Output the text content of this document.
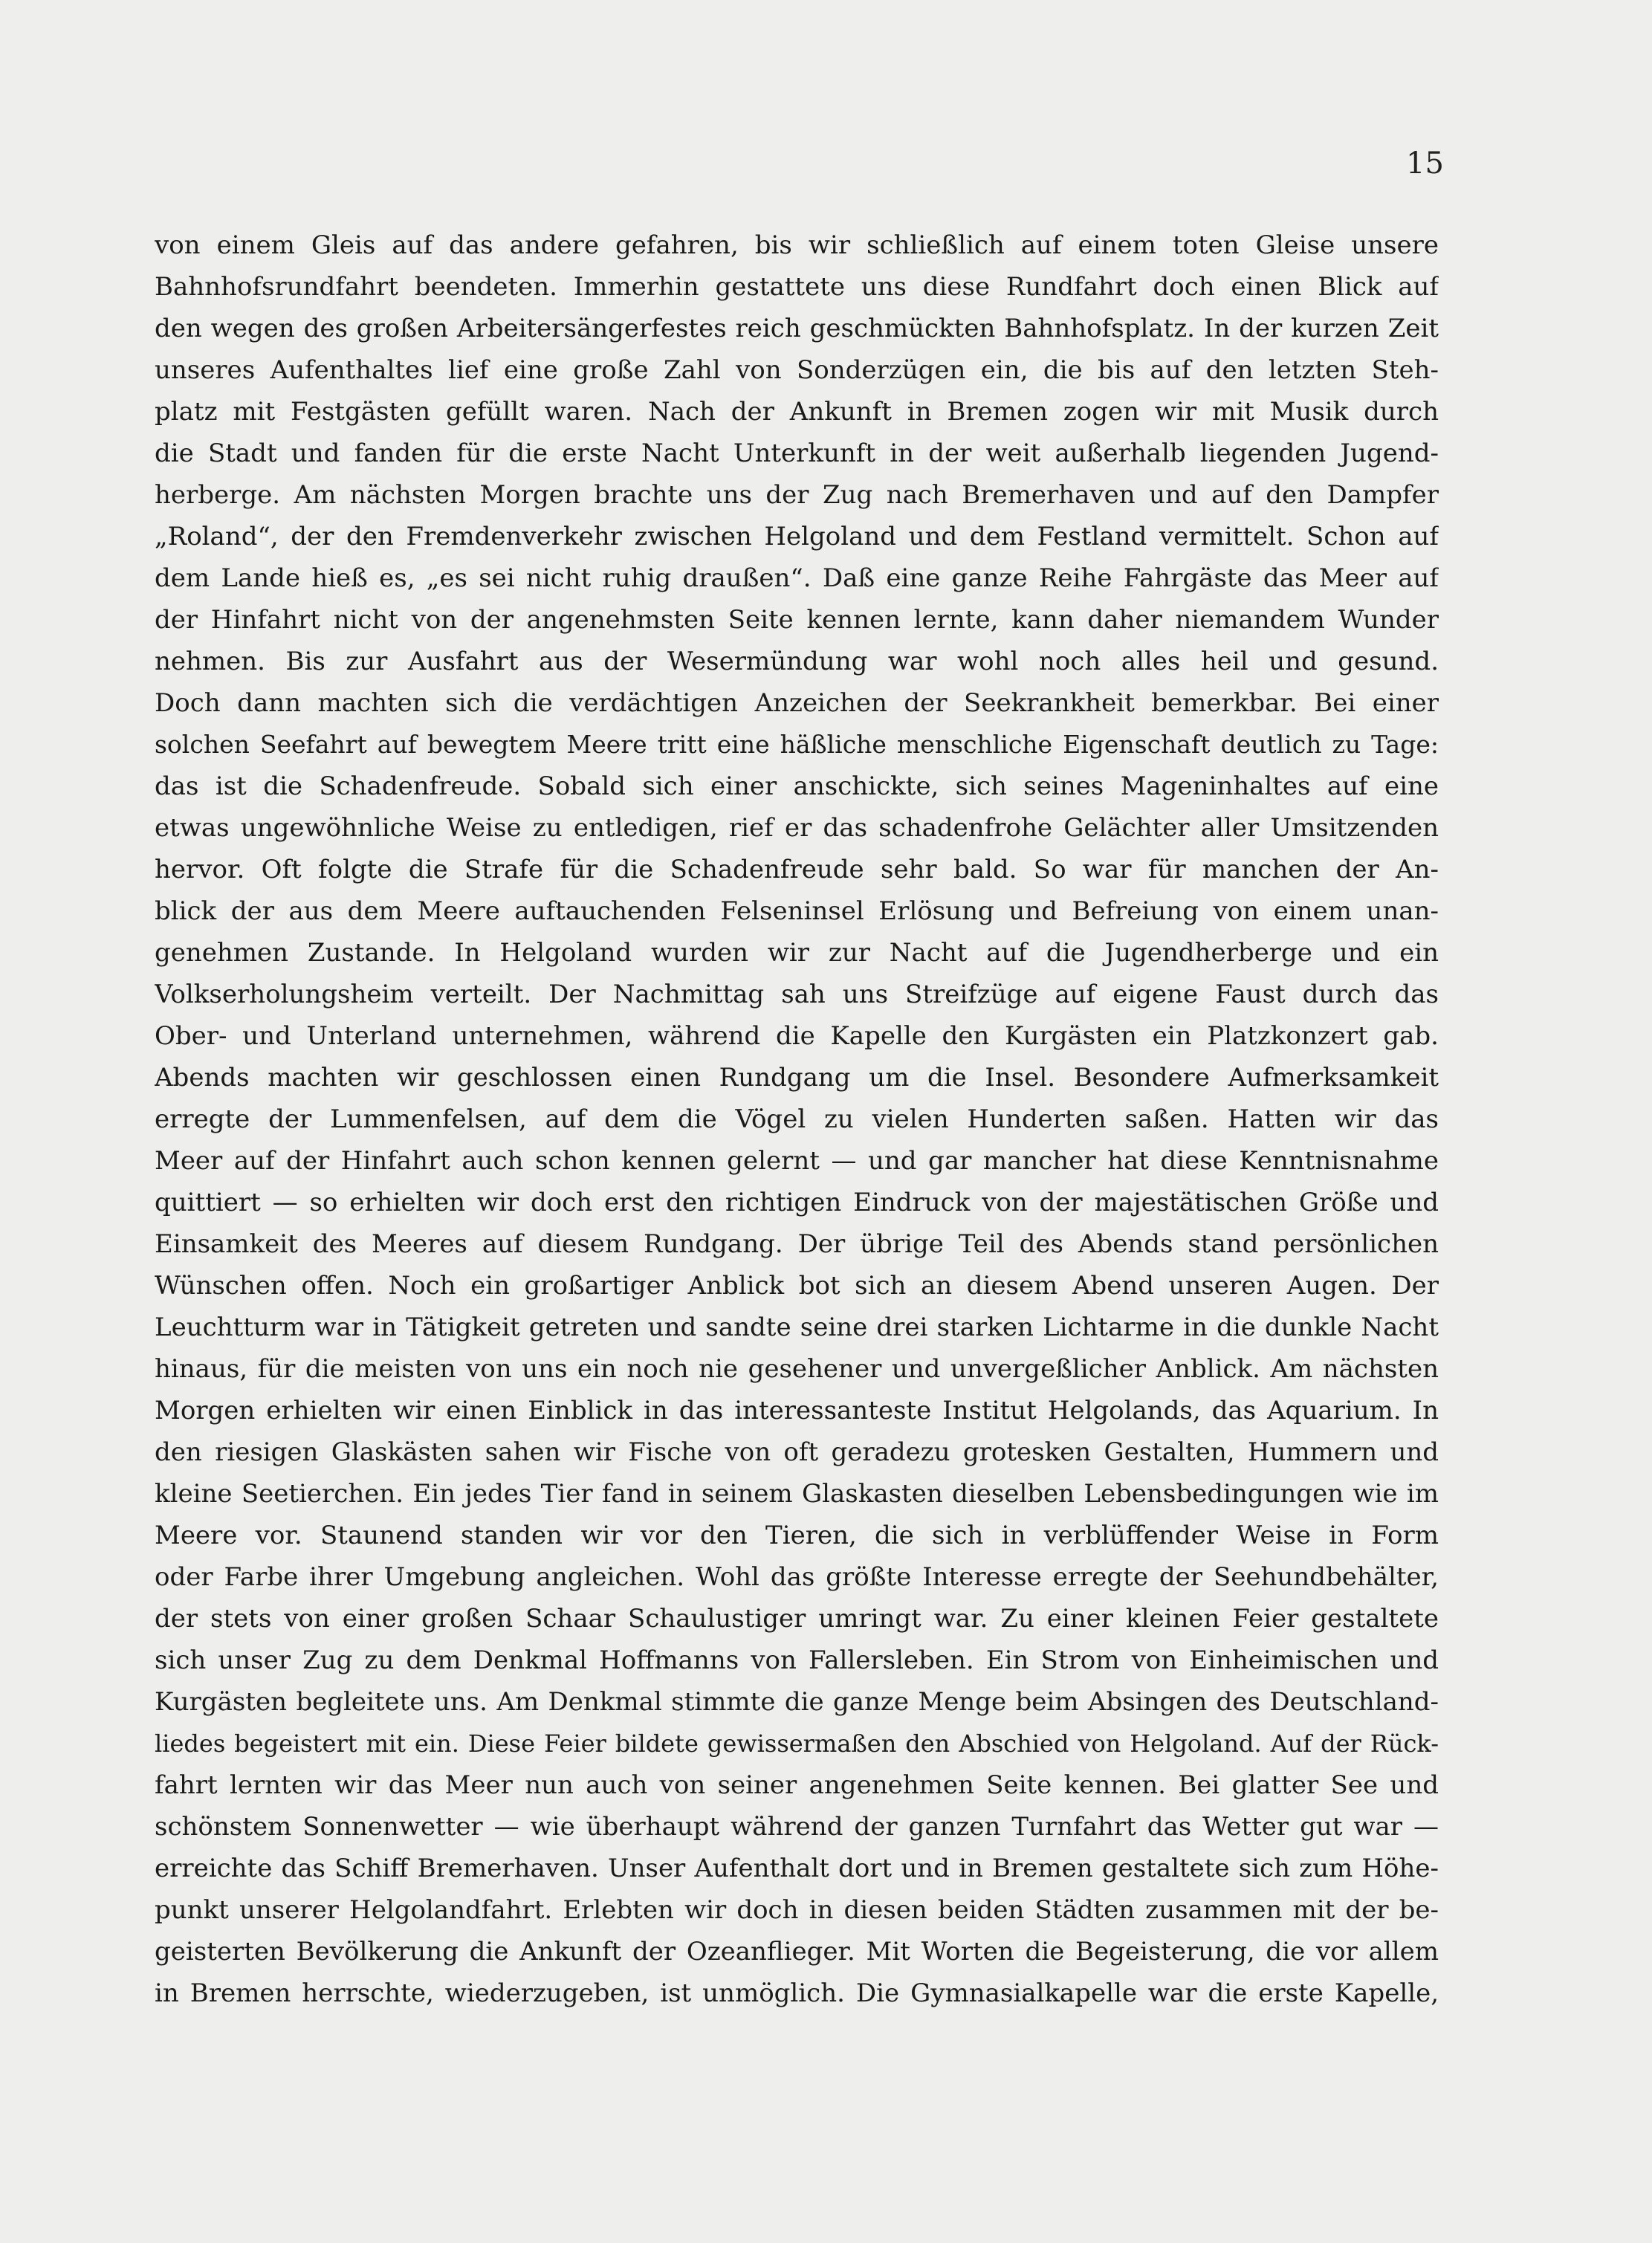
15
von einem Gleis auf das andere gefahren, bis wir schließlich auf einem toten Gleise unsere
Bahnhofsrundfahrt beendeten. Immerhin gestattete uns diese Rundfahrt doch einen Blick auf
den wegen des großen Arbeitersängerfestes reich geschmückten Bahnhofsplatz. In der kurzen Zeit
unseres Aufenthaltes lief eine große Zahl von Sonderzügen ein, die bis auf den letzten Steh-
platz mit Festgästen gefüllt waren. Nach der Ankunft in Bremen zogen wir mit Musik durch
die Stadt und fanden für die erste Nacht Unterkunft in der weit außerhalb liegenden Jugend-
herberge. Am nächsten Morgen brachte uns der Zug nach Bremerhaven und auf den Dampfer
„Roland“, der den Fremdenverkehr zwischen Helgoland und dem Festland vermittelt. Schon auf
dem Lande hieß es, „es sei nicht ruhig draußen“. Daß eine ganze Reihe Fahrgäste das Meer auf
der Hinfahrt nicht von der angenehmsten Seite kennen lernte, kann daher niemandem Wunder
nehmen. Bis zur Ausfahrt aus der Wesermündung war wohl noch alles heil und gesund.
Doch dann machten sich die verdächtigen Anzeichen der Seekrankheit bemerkbar. Bei einer
solchen Seefahrt auf bewegtem Meere tritt eine häßliche menschliche Eigenschaft deutlich zu Tage:
das ist die Schadenfreude. Sobald sich einer anschickte, sich seines Mageninhaltes auf eine
etwas ungewöhnliche Weise zu entledigen, rief er das schadenfrohe Gelächter aller Umsitzenden
hervor. Oft folgte die Strafe für die Schadenfreude sehr bald. So war für manchen der An-
blick der aus dem Meere auftauchenden Felseninsel Erlösung und Befreiung von einem unan-
genehmen Zustande. In Helgoland wurden wir zur Nacht auf die Jugendherberge und ein
Volkserholungsheim verteilt. Der Nachmittag sah uns Streifzüge auf eigene Faust durch das
Ober- und Unterland unternehmen, während die Kapelle den Kurgästen ein Platzkonzert gab.
Abends machten wir geschlossen einen Rundgang um die Insel. Besondere Aufmerksamkeit
erregte der Lummenfelsen, auf dem die Vögel zu vielen Hunderten saßen. Hatten wir das
Meer auf der Hinfahrt auch schon kennen gelernt — und gar mancher hat diese Kenntnisnahme
quittiert — so erhielten wir doch erst den richtigen Eindruck von der majestätischen Größe und
Einsamkeit des Meeres auf diesem Rundgang. Der übrige Teil des Abends stand persönlichen
Wünschen offen. Noch ein großartiger Anblick bot sich an diesem Abend unseren Augen. Der
Leuchtturm war in Tätigkeit getreten und sandte seine drei starken Lichtarme in die dunkle Nacht
hinaus, für die meisten von uns ein noch nie gesehener und unvergeßlicher Anblick. Am nächsten
Morgen erhielten wir einen Einblick in das interessanteste Institut Helgolands, das Aquarium. In
den riesigen Glaskästen sahen wir Fische von oft geradezu grotesken Gestalten, Hummern und
kleine Seetierchen. Ein jedes Tier fand in seinem Glaskasten dieselben Lebensbedingungen wie im
Meere vor. Staunend standen wir vor den Tieren, die sich in verblüffender Weise in Form
oder Farbe ihrer Umgebung angleichen. Wohl das größte Interesse erregte der Seehundbehälter,
der stets von einer großen Schaar Schaulustiger umringt war. Zu einer kleinen Feier gestaltete
sich unser Zug zu dem Denkmal Hoffmanns von Fallersleben. Ein Strom von Einheimischen und
Kurgästen begleitete uns. Am Denkmal stimmte die ganze Menge beim Absingen des Deutschland-
liedes begeistert mit ein. Diese Feier bildete gewissermaßen den Abschied von Helgoland. Auf der Rück-
fahrt lernten wir das Meer nun auch von seiner angenehmen Seite kennen. Bei glatter See und
schönstem Sonnenwetter — wie überhaupt während der ganzen Turnfahrt das Wetter gut war —
erreichte das Schiff Bremerhaven. Unser Aufenthalt dort und in Bremen gestaltete sich zum Höhe-
punkt unserer Helgolandfahrt. Erlebten wir doch in diesen beiden Städten zusammen mit der be-
geisterten Bevölkerung die Ankunft der Ozeanflieger. Mit Worten die Begeisterung, die vor allem
in Bremen herrschte, wiederzugeben, ist unmöglich. Die Gymnasialkapelle war die erste Kapelle,
